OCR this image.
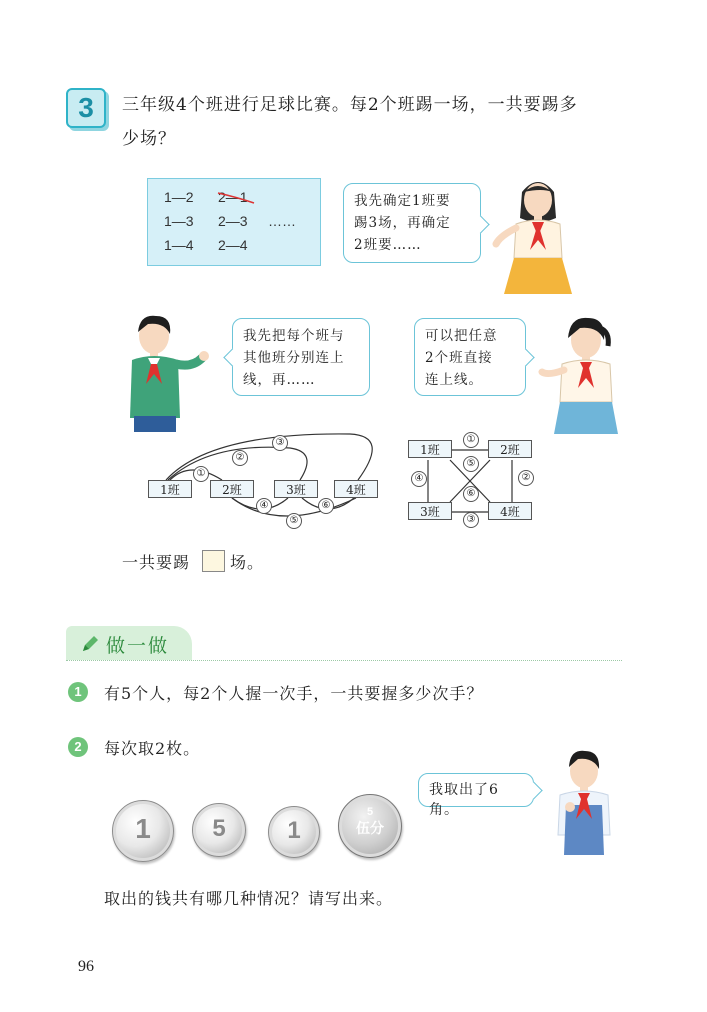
3	三年级4个班进行足球比赛。每2个班踢一场，一共要踢多
少场？
1—2 2—1
1—3 2—3 ……
1—4 2—4
我先确定1班要
踢3场，再确定
2班要……
我先把每个班与
其他班分别连上
线，再……
可以把任意
2个班直接
连上线。
1班	2班	3班	4班
①
②
③
④
⑤
⑥
1班	2班
3班	4班
①
②
③
④
⑤
⑥
一共要踢 场。
做一做
1	有5个人，每2个人握一次手，一共要握多少次手？
2	每次取2枚。
我取出了6角。
1	5	1
5
伍分
取出的钱共有哪几种情况？请写出来。
96
